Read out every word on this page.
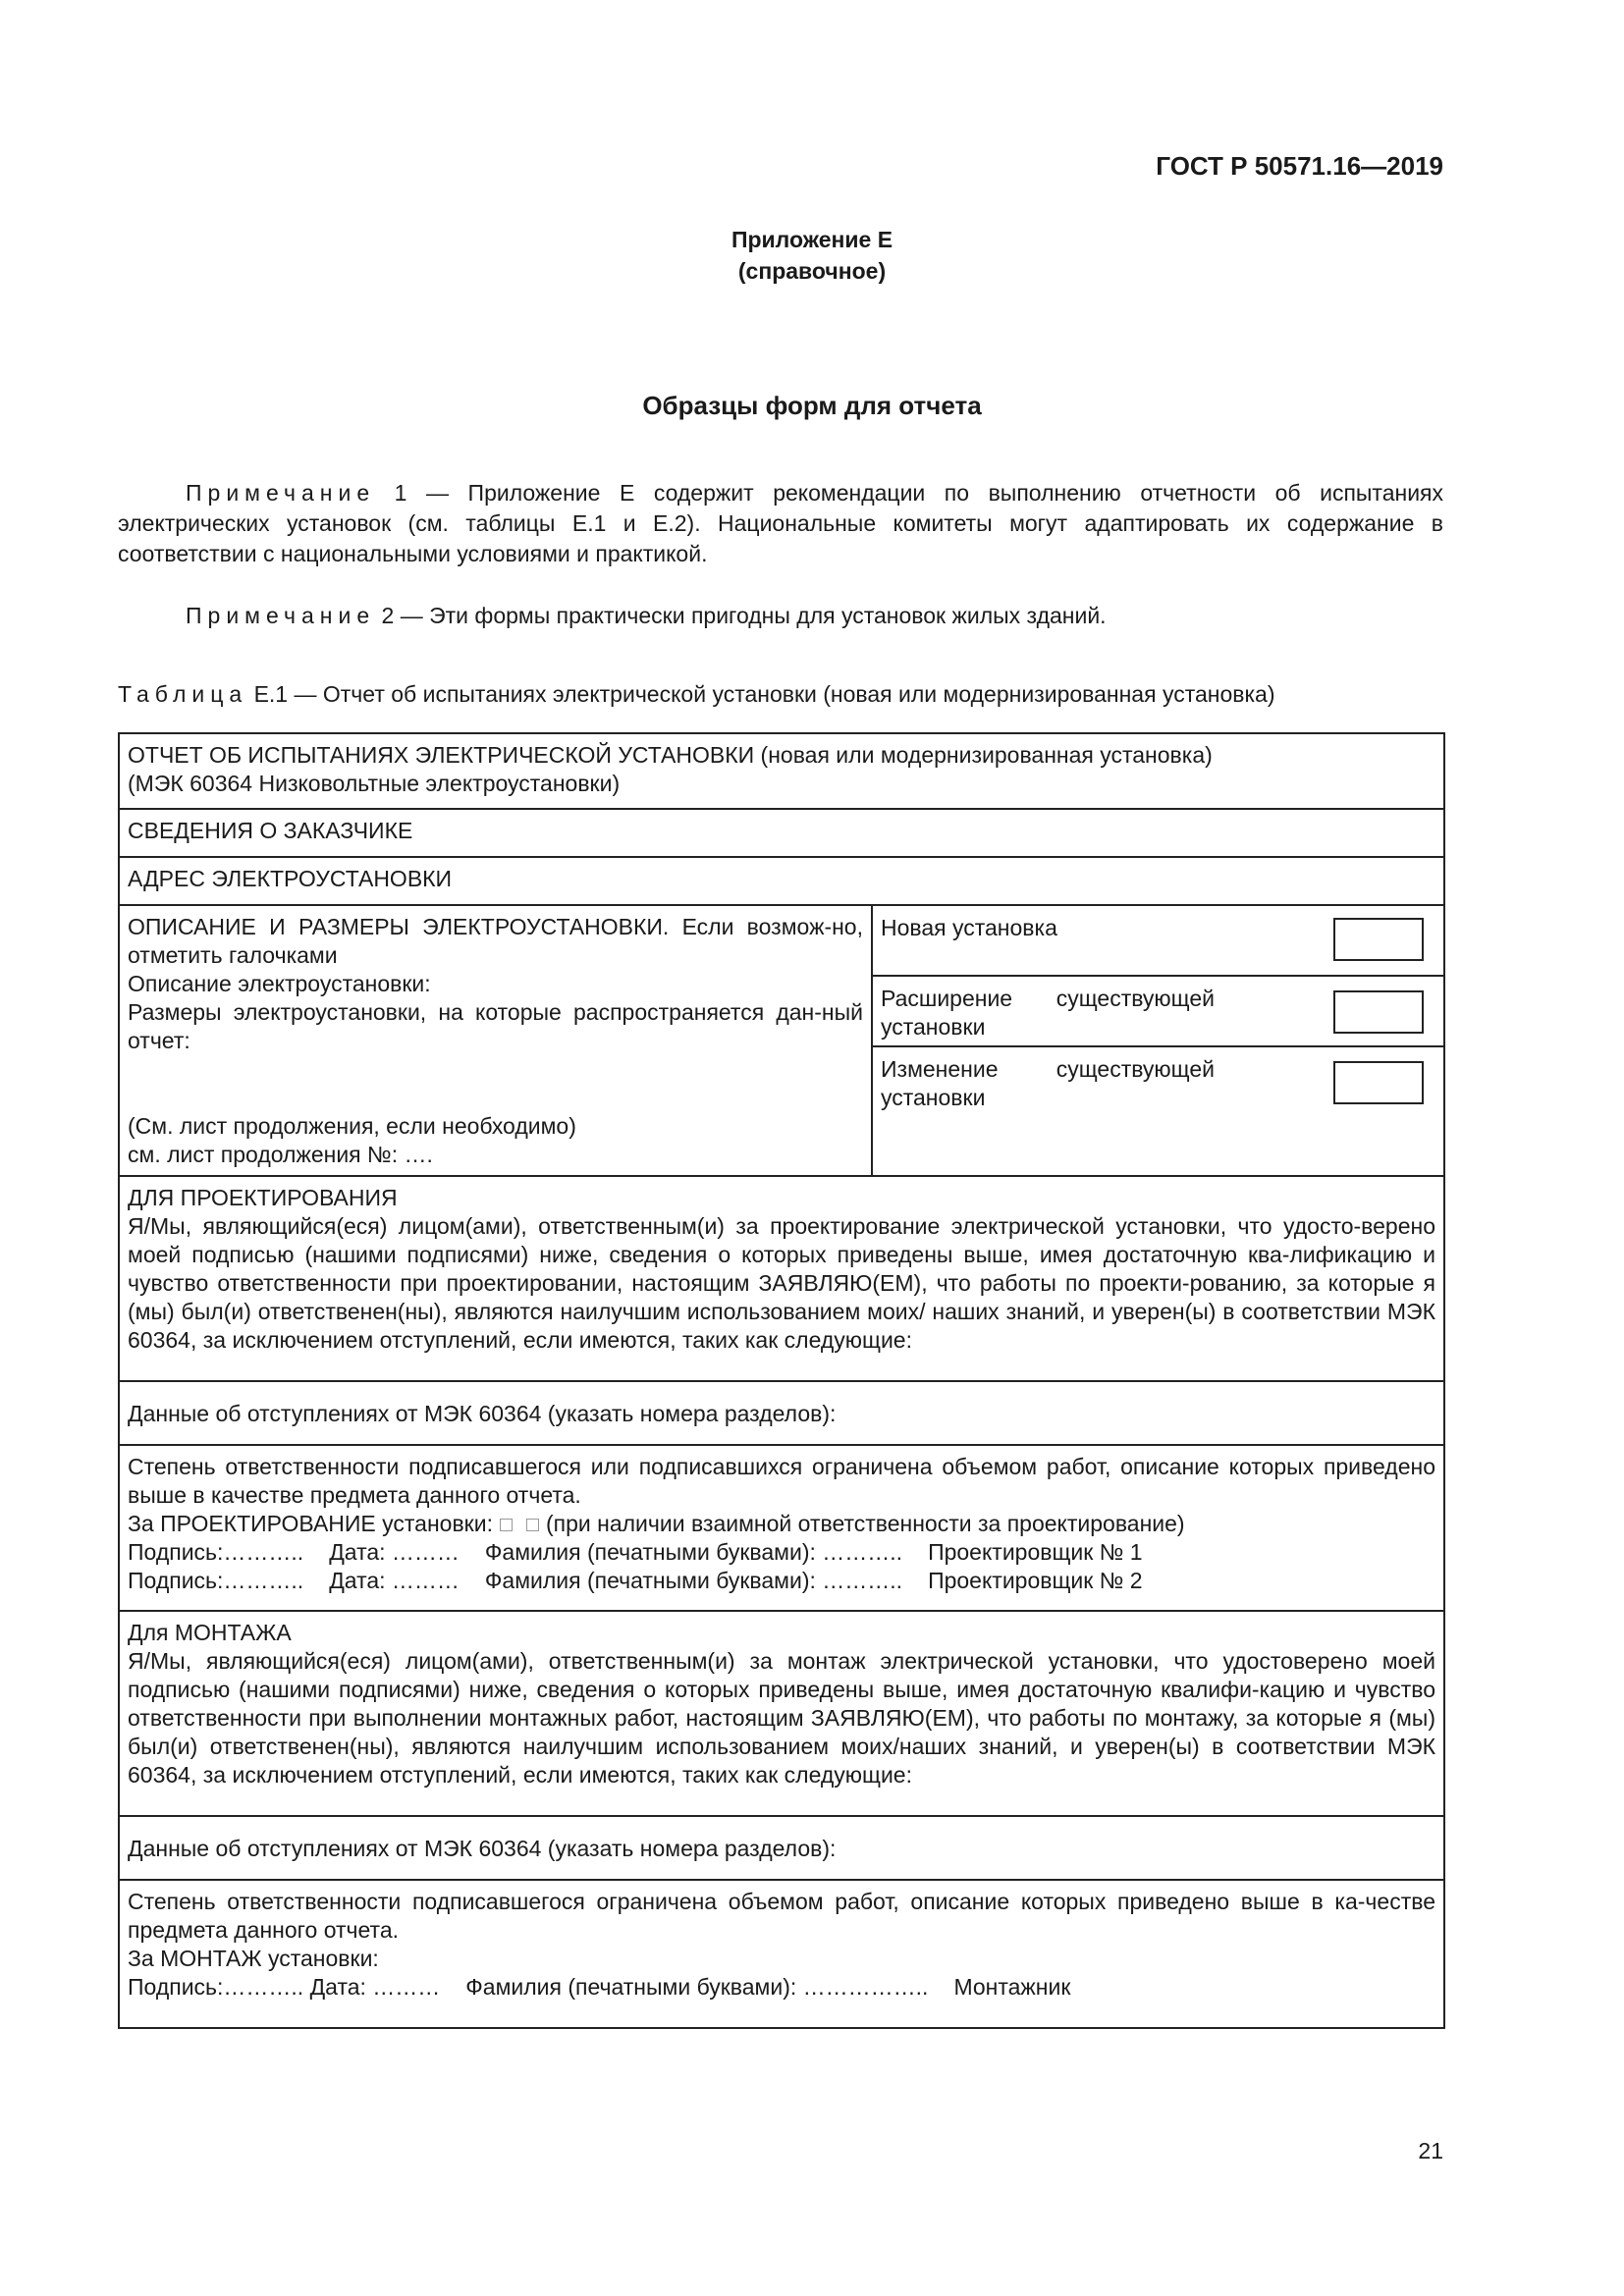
ГОСТ Р 50571.16—2019
Приложение Е
(справочное)
Образцы форм для отчета
Примечание 1 — Приложение Е содержит рекомендации по выполнению отчетности об испытаниях электрических установок (см. таблицы Е.1 и Е.2). Национальные комитеты могут адаптировать их содержание в соответствии с национальными условиями и практикой.
Примечание 2 — Эти формы практически пригодны для установок жилых зданий.
Таблица Е.1 — Отчет об испытаниях электрической установки (новая или модернизированная установка)
ОТЧЕТ ОБ ИСПЫТАНИЯХ ЭЛЕКТРИЧЕСКОЙ УСТАНОВКИ (новая или модернизированная установка)
(МЭК 60364 Низковольтные электроустановки)

СВЕДЕНИЯ О ЗАКАЗЧИКЕ
АДРЕС ЭЛЕКТРОУСТАНОВКИ

ОПИСАНИЕ И РАЗМЕРЫ ЭЛЕКТРОУСТАНОВКИ. Если возмож-но, отметить галочками
Описание электроустановки:
Размеры электроустановки, на которые распространяется дан-ный отчет:
(См. лист продолжения, если необходимо)
см. лист продолжения №: ….

Новая установка
Расширение существующей установки
Изменение существующей установки

ДЛЯ ПРОЕКТИРОВАНИЯ
Я/Мы, являющийся(еся) лицом(ами), ответственным(и) за проектирование электрической установки, что удосто-верено моей подписью (нашими подписями) ниже, сведения о которых приведены выше, имея достаточную ква-лификацию и чувство ответственности при проектировании, настоящим ЗАЯВЛЯЮ(ЕМ), что работы по проекти-рованию, за которые я (мы) был(и) ответственен(ны), являются наилучшим использованием моих/ наших знаний, и уверен(ы) в соответствии МЭК 60364, за исключением отступлений, если имеются, таких как следующие:

Данные об отступлениях от МЭК 60364 (указать номера разделов):

Степень ответственности подписавшегося или подписавшихся ограничена объемом работ, описание которых приведено выше в качестве предмета данного отчета.
За ПРОЕКТИРОВАНИЕ установки: (при наличии взаимной ответственности за проектирование)
Подпись:……….. Дата: ……… Фамилия (печатными буквами): ……….. Проектировщик № 1
Подпись:……….. Дата: ……… Фамилия (печатными буквами): ……….. Проектировщик № 2

Для МОНТАЖА
Я/Мы, являющийся(еся) лицом(ами), ответственным(и) за монтаж электрической установки, что удостоверено моей подписью (нашими подписями) ниже, сведения о которых приведены выше, имея достаточную квалифи-кацию и чувство ответственности при выполнении монтажных работ, настоящим ЗАЯВЛЯЮ(ЕМ), что работы по монтажу, за которые я (мы) был(и) ответственен(ны), являются наилучшим использованием моих/наших знаний, и уверен(ы) в соответствии МЭК 60364, за исключением отступлений, если имеются, таких как следующие:

Данные об отступлениях от МЭК 60364 (указать номера разделов):

Степень ответственности подписавшегося ограничена объемом работ, описание которых приведено выше в ка-честве предмета данного отчета.
За МОНТАЖ установки:
Подпись:……….. Дата: ……… Фамилия (печатными буквами): …………….. Монтажник
21
